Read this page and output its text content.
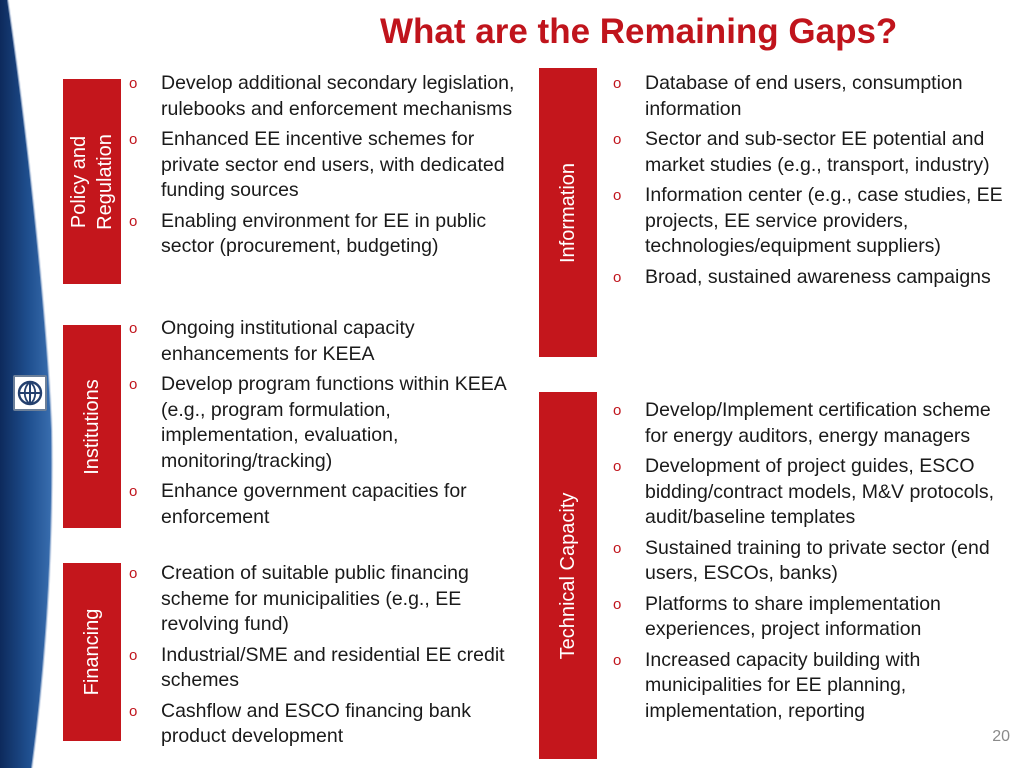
What are the Remaining Gaps?
Policy and Regulation
o Develop additional secondary legislation, rulebooks and enforcement mechanisms
o Enhanced EE incentive schemes for private sector end users, with dedicated funding sources
o Enabling environment for EE in public sector (procurement, budgeting)
Institutions
o Ongoing institutional capacity enhancements for KEEA
o Develop program functions within KEEA (e.g., program formulation, implementation, evaluation, monitoring/tracking)
o Enhance government capacities for enforcement
Financing
o Creation of suitable public financing scheme for municipalities (e.g., EE revolving fund)
o Industrial/SME and residential EE credit schemes
o Cashflow and ESCO financing bank product development
Information
o Database of end users, consumption information
o Sector and sub-sector EE potential and market studies (e.g., transport, industry)
o Information center (e.g., case studies, EE projects, EE service providers, technologies/equipment suppliers)
o Broad, sustained awareness campaigns
Technical Capacity
o Develop/Implement certification scheme for energy auditors, energy managers
o Development of project guides, ESCO bidding/contract models, M&V protocols, audit/baseline templates
o Sustained training to private sector (end users, ESCOs, banks)
o Platforms to share implementation experiences, project information
o Increased capacity building with municipalities for EE planning, implementation, reporting
20
